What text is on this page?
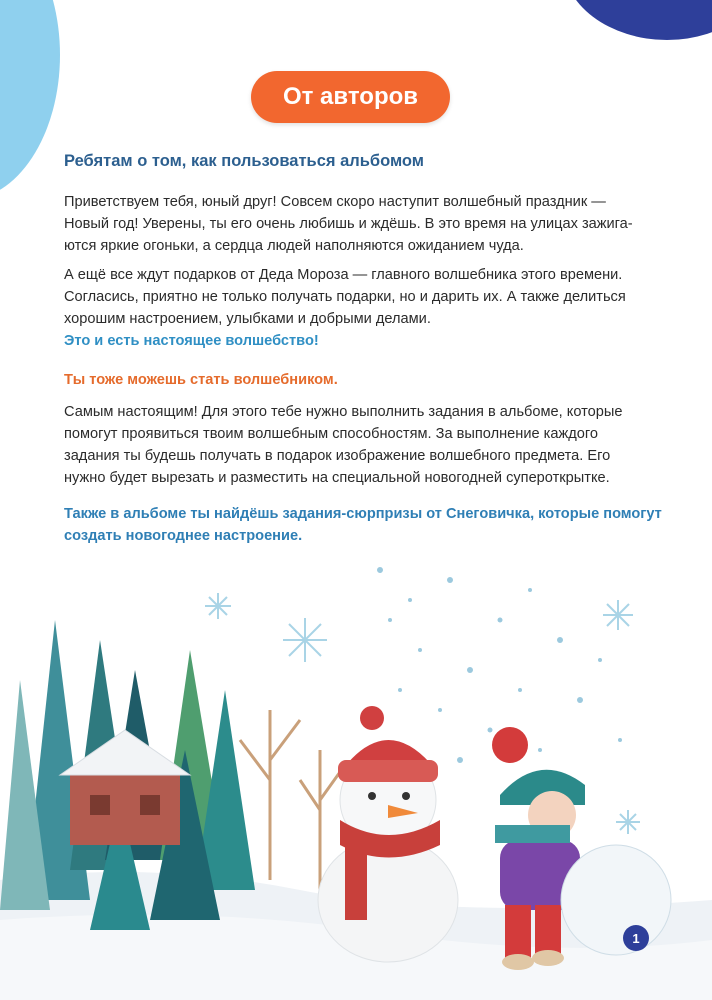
От авторов
Ребятам о том, как пользоваться альбомом
Приветствуем тебя, юный друг! Совсем скоро наступит волшебный праздник —
Новый год! Уверены, ты его очень любишь и ждёшь. В это время на улицах зажига-
ются яркие огоньки, а сердца людей наполняются ожиданием чуда.
А ещё все ждут подарков от Деда Мороза — главного волшебника этого времени.
Согласись, приятно не только получать подарки, но и дарить их. А также делиться
хорошим настроением, улыбками и добрыми делами.
Это и есть настоящее волшебство!
Ты тоже можешь стать волшебником.
Самым настоящим! Для этого тебе нужно выполнить задания в альбоме, которые
помогут проявиться твоим волшебным способностям. За выполнение каждого
задания ты будешь получать в подарок изображение волшебного предмета. Его
нужно будет вырезать и разместить на специальной новогодней супероткрытке.
Также в альбоме ты найдёшь задания-сюрпризы от Снеговичка, которые помогут
создать новогоднее настроение.
1
